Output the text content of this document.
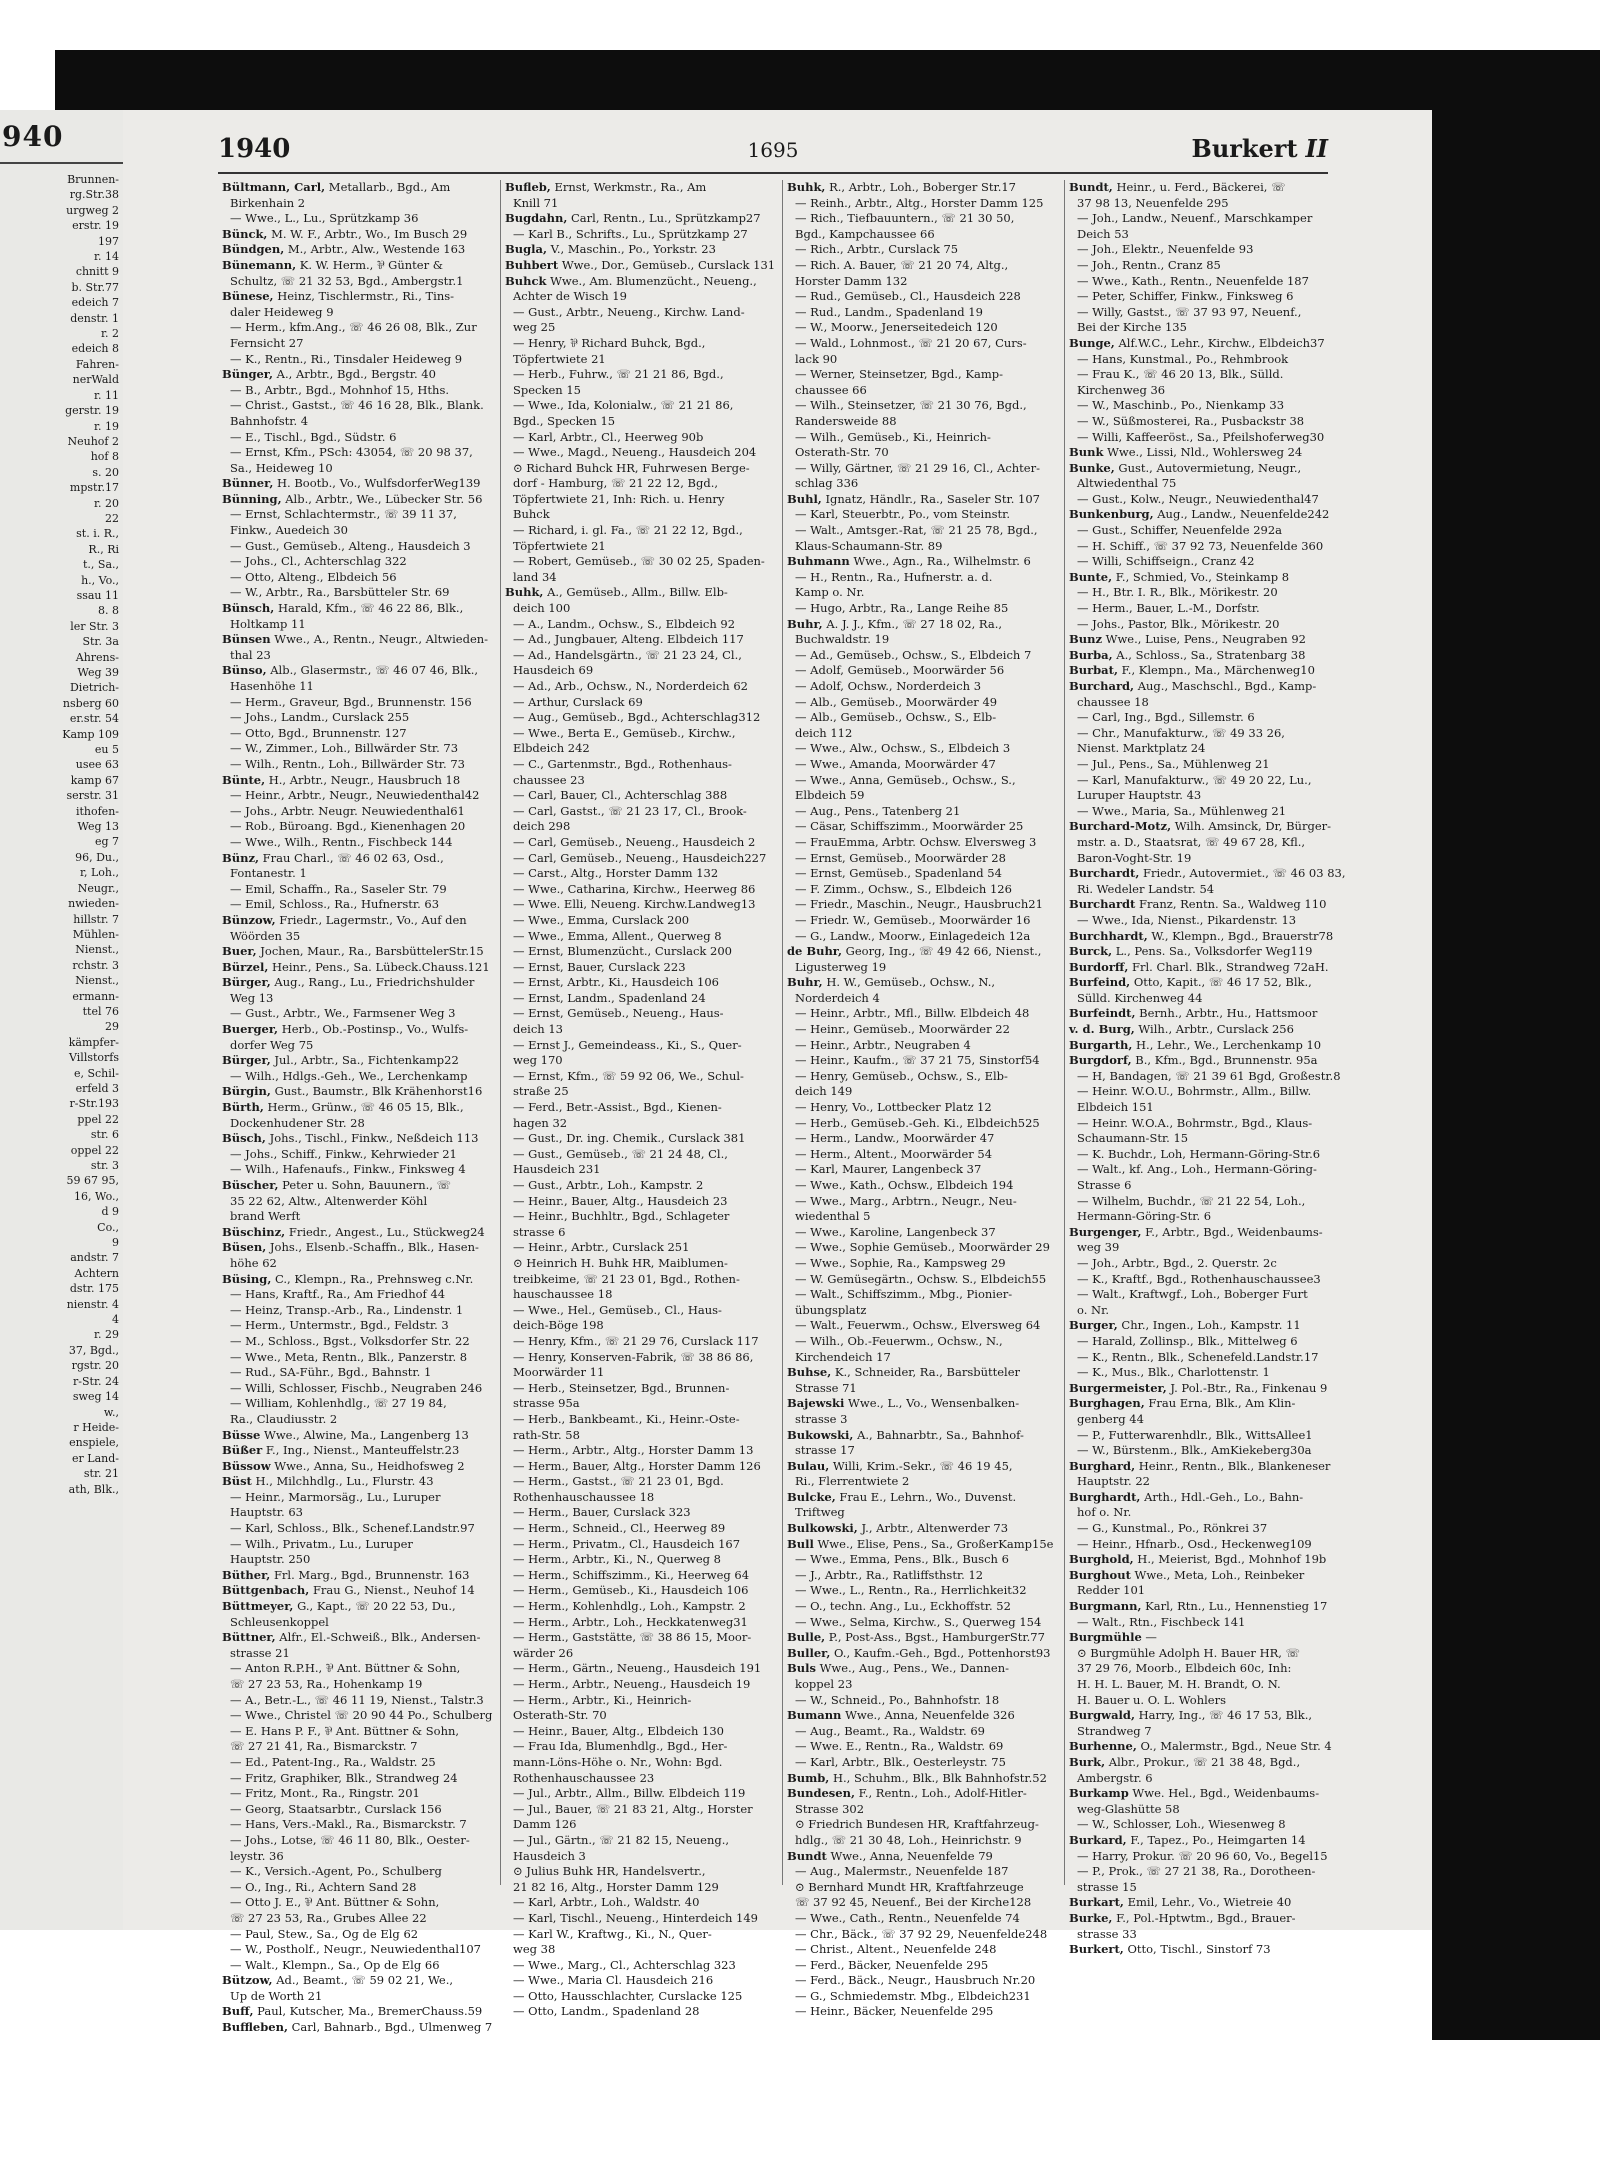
940
Brunnen-
rg.Str.38
urgweg 2
erstr. 19
197
r. 14
chnitt 9
b. Str.77
edeich 7
denstr. 1
r. 2
edeich 8
Fahren-
nerWald
r. 11
gerstr. 19
r. 19
Neuhof 2
hof 8
s. 20
mpstr.17
r. 20
22
st. i. R.,
R., Ri
t., Sa.,
h., Vo.,
ssau 11
8. 8
ler Str. 3
Str. 3a
Ahrens-
Weg 39
Dietrich-
nsberg 60
er.str. 54
Kamp 109
eu 5
usee 63
kamp 67
serstr. 31
ithofen-
Weg 13
eg 7
96, Du.,
r, Loh.,
Neugr.,
nwieden-
hillstr. 7
Mühlen-
Nienst.,
rchstr. 3
Nienst.,
ermann-
ttel 76
29
kämpfer-
Villstorfs
e, Schil-
erfeld 3
r-Str.193
ppel 22
str. 6
oppel 22
str. 3
59 67 95,
16, Wo.,
d 9
Co.,
9
andstr. 7
Achtern
dstr. 175
nienstr. 4
4
r. 29
37, Bgd.,
rgstr. 20
r-Str. 24
sweg 14
w.,
r Heide-
enspiele,
er Land-
str. 21
ath, Blk.,
1940	1695	Burkert II
Bültmann, Carl, Metallarb., Bgd., Am
Birkenhain 2
— Wwe., L., Lu., Sprützkamp 36
Bünck, M. W. F., Arbtr., Wo., Im Busch 29
Bündgen, M., Arbtr., Alw., Westende 163
Bünemann, K. W. Herm., ⅌ Günter &
Schultz, ☏ 21 32 53, Bgd., Ambergstr.1
Bünese, Heinz, Tischlermstr., Ri., Tins-
daler Heideweg 9
— Herm., kfm.Ang., ☏ 46 26 08, Blk., Zur
Fernsicht 27
— K., Rentn., Ri., Tinsdaler Heideweg 9
Bünger, A., Arbtr., Bgd., Bergstr. 40
— B., Arbtr., Bgd., Mohnhof 15, Hths.
— Christ., Gastst., ☏ 46 16 28, Blk., Blank.
Bahnhofstr. 4
— E., Tischl., Bgd., Südstr. 6
— Ernst, Kfm., PSch: 43054, ☏ 20 98 37,
Sa., Heideweg 10
Bünner, H. Bootb., Vo., WulfsdorferWeg139
Bünning, Alb., Arbtr., We., Lübecker Str. 56
— Ernst, Schlachtermstr., ☏ 39 11 37,
Finkw., Auedeich 30
— Gust., Gemüseb., Alteng., Hausdeich 3
— Johs., Cl., Achterschlag 322
— Otto, Alteng., Elbdeich 56
— W., Arbtr., Ra., Barsbütteler Str. 69
Bünsch, Harald, Kfm., ☏ 46 22 86, Blk.,
Holtkamp 11
Bünsen Wwe., A., Rentn., Neugr., Altwieden-
thal 23
Bünso, Alb., Glasermstr., ☏ 46 07 46, Blk.,
Hasenhöhe 11
— Herm., Graveur, Bgd., Brunnenstr. 156
— Johs., Landm., Curslack 255
— Otto, Bgd., Brunnenstr. 127
— W., Zimmer., Loh., Billwärder Str. 73
— Wilh., Rentn., Loh., Billwärder Str. 73
Bünte, H., Arbtr., Neugr., Hausbruch 18
— Heinr., Arbtr., Neugr., Neuwiedenthal42
— Johs., Arbtr. Neugr. Neuwiedenthal61
— Rob., Büroang. Bgd., Kienenhagen 20
— Wwe., Wilh., Rentn., Fischbeck 144
Bünz, Frau Charl., ☏ 46 02 63, Osd.,
Fontanestr. 1
— Emil, Schaffn., Ra., Saseler Str. 79
— Emil, Schloss., Ra., Hufnerstr. 63
Bünzow, Friedr., Lagermstr., Vo., Auf den
Wöörden 35
Buer, Jochen, Maur., Ra., BarsbüttelerStr.15
Bürzel, Heinr., Pens., Sa. Lübeck.Chauss.121
Bürger, Aug., Rang., Lu., Friedrichshulder
Weg 13
— Gust., Arbtr., We., Farmsener Weg 3
Buerger, Herb., Ob.-Postinsp., Vo., Wulfs-
dorfer Weg 75
Bürger, Jul., Arbtr., Sa., Fichtenkamp22
— Wilh., Hdlgs.-Geh., We., Lerchenkamp
Bürgin, Gust., Baumstr., Blk Krähenhorst16
Bürth, Herm., Grünw., ☏ 46 05 15, Blk.,
Dockenhudener Str. 28
Büsch, Johs., Tischl., Finkw., Neßdeich 113
— Johs., Schiff., Finkw., Kehrwieder 21
— Wilh., Hafenaufs., Finkw., Finksweg 4
Büscher, Peter u. Sohn, Bauunern., ☏
35 22 62, Altw., Altenwerder Köhl
brand Werft
Büschinz, Friedr., Angest., Lu., Stückweg24
Büsen, Johs., Elsenb.-Schaffn., Blk., Hasen-
höhe 62
Büsing, C., Klempn., Ra., Prehnsweg c.Nr.
— Hans, Kraftf., Ra., Am Friedhof 44
— Heinz, Transp.-Arb., Ra., Lindenstr. 1
— Herm., Untermstr., Bgd., Feldstr. 3
— M., Schloss., Bgst., Volksdorfer Str. 22
— Wwe., Meta, Rentn., Blk., Panzerstr. 8
— Rud., SA-Führ., Bgd., Bahnstr. 1
— Willi, Schlosser, Fischb., Neugraben 246
— William, Kohlenhdlg., ☏ 27 19 84,
Ra., Claudiusstr. 2
Büsse Wwe., Alwine, Ma., Langenberg 13
Büßer F., Ing., Nienst., Manteuffelstr.23
Büssow Wwe., Anna, Su., Heidhofsweg 2
Büst H., Milchhdlg., Lu., Flurstr. 43
— Heinr., Marmorsäg., Lu., Luruper
Hauptstr. 63
— Karl, Schloss., Blk., Schenef.Landstr.97
— Wilh., Privatm., Lu., Luruper
Hauptstr. 250
Büther, Frl. Marg., Bgd., Brunnenstr. 163
Büttgenbach, Frau G., Nienst., Neuhof 14
Büttmeyer, G., Kapt., ☏ 20 22 53, Du.,
Schleusenkoppel
Büttner, Alfr., El.-Schweiß., Blk., Andersen-
strasse 21
— Anton R.P.H., ⅌ Ant. Büttner & Sohn,
☏ 27 23 53, Ra., Hohenkamp 19
— A., Betr.-L., ☏ 46 11 19, Nienst., Talstr.3
— Wwe., Christel ☏ 20 90 44 Po., Schulberg
— E. Hans P. F., ⅌ Ant. Büttner & Sohn,
☏ 27 21 41, Ra., Bismarckstr. 7
— Ed., Patent-Ing., Ra., Waldstr. 25
— Fritz, Graphiker, Blk., Strandweg 24
— Fritz, Mont., Ra., Ringstr. 201
— Georg, Staatsarbtr., Curslack 156
— Hans, Vers.-Makl., Ra., Bismarckstr. 7
— Johs., Lotse, ☏ 46 11 80, Blk., Oester-
leystr. 36
— K., Versich.-Agent, Po., Schulberg
— O., Ing., Ri., Achtern Sand 28
— Otto J. E., ⅌ Ant. Büttner & Sohn,
☏ 27 23 53, Ra., Grubes Allee 22
— Paul, Stew., Sa., Og de Elg 62
— W., Postholf., Neugr., Neuwiedenthal107
— Walt., Klempn., Sa., Op de Elg 66
Bützow, Ad., Beamt., ☏ 59 02 21, We.,
Up de Worth 21
Buff, Paul, Kutscher, Ma., BremerChauss.59
Buffleben, Carl, Bahnarb., Bgd., Ulmenweg 7
Bufleb, Ernst, Werkmstr., Ra., Am
Knill 71
Bugdahn, Carl, Rentn., Lu., Sprützkamp27
— Karl B., Schrifts., Lu., Sprützkamp 27
Bugla, V., Maschin., Po., Yorkstr. 23
Buhbert Wwe., Dor., Gemüseb., Curslack 131
Buhck Wwe., Am. Blumenzücht., Neueng.,
Achter de Wisch 19
— Gust., Arbtr., Neueng., Kirchw. Land-
weg 25
— Henry, ⅌ Richard Buhck, Bgd.,
Töpfertwiete 21
— Herb., Fuhrw., ☏ 21 21 86, Bgd.,
Specken 15
— Wwe., Ida, Kolonialw., ☏ 21 21 86,
Bgd., Specken 15
— Karl, Arbtr., Cl., Heerweg 90b
— Wwe., Magd., Neueng., Hausdeich 204
⊙ Richard Buhck HR, Fuhrwesen Berge-
dorf - Hamburg, ☏ 21 22 12, Bgd.,
Töpfertwiete 21, Inh: Rich. u. Henry
Buhck
— Richard, i. gl. Fa., ☏ 21 22 12, Bgd.,
Töpfertwiete 21
— Robert, Gemüseb., ☏ 30 02 25, Spaden-
land 34
Buhk, A., Gemüseb., Allm., Billw. Elb-
deich 100
— A., Landm., Ochsw., S., Elbdeich 92
— Ad., Jungbauer, Alteng. Elbdeich 117
— Ad., Handelsgärtn., ☏ 21 23 24, Cl.,
Hausdeich 69
— Ad., Arb., Ochsw., N., Norderdeich 62
— Arthur, Curslack 69
— Aug., Gemüseb., Bgd., Achterschlag312
— Wwe., Berta E., Gemüseb., Kirchw.,
Elbdeich 242
— C., Gartenmstr., Bgd., Rothenhaus-
chaussee 23
— Carl, Bauer, Cl., Achterschlag 388
— Carl, Gastst., ☏ 21 23 17, Cl., Brook-
deich 298
— Carl, Gemüseb., Neueng., Hausdeich 2
— Carl, Gemüseb., Neueng., Hausdeich227
— Carst., Altg., Horster Damm 132
— Wwe., Catharina, Kirchw., Heerweg 86
— Wwe. Elli, Neueng. Kirchw.Landweg13
— Wwe., Emma, Curslack 200
— Wwe., Emma, Allent., Querweg 8
— Ernst, Blumenzücht., Curslack 200
— Ernst, Bauer, Curslack 223
— Ernst, Arbtr., Ki., Hausdeich 106
— Ernst, Landm., Spadenland 24
— Ernst, Gemüseb., Neueng., Haus-
deich 13
— Ernst J., Gemeindeass., Ki., S., Quer-
weg 170
— Ernst, Kfm., ☏ 59 92 06, We., Schul-
straße 25
— Ferd., Betr.-Assist., Bgd., Kienen-
hagen 32
— Gust., Dr. ing. Chemik., Curslack 381
— Gust., Gemüseb., ☏ 21 24 48, Cl.,
Hausdeich 231
— Gust., Arbtr., Loh., Kampstr. 2
— Heinr., Bauer, Altg., Hausdeich 23
— Heinr., Buchhltr., Bgd., Schlageter
strasse 6
— Heinr., Arbtr., Curslack 251
⊙ Heinrich H. Buhk HR, Maiblumen-
treibkeime, ☏ 21 23 01, Bgd., Rothen-
hauschaussee 18
— Wwe., Hel., Gemüseb., Cl., Haus-
deich-Böge 198
— Henry, Kfm., ☏ 21 29 76, Curslack 117
— Henry, Konserven-Fabrik, ☏ 38 86 86,
Moorwärder 11
— Herb., Steinsetzer, Bgd., Brunnen-
strasse 95a
— Herb., Bankbeamt., Ki., Heinr.-Oste-
rath-Str. 58
— Herm., Arbtr., Altg., Horster Damm 13
— Herm., Bauer, Altg., Horster Damm 126
— Herm., Gastst., ☏ 21 23 01, Bgd.
Rothenhauschaussee 18
— Herm., Bauer, Curslack 323
— Herm., Schneid., Cl., Heerweg 89
— Herm., Privatm., Cl., Hausdeich 167
— Herm., Arbtr., Ki., N., Querweg 8
— Herm., Schiffszimm., Ki., Heerweg 64
— Herm., Gemüseb., Ki., Hausdeich 106
— Herm., Kohlenhdlg., Loh., Kampstr. 2
— Herm., Arbtr., Loh., Heckkatenweg31
— Herm., Gaststätte, ☏ 38 86 15, Moor-
wärder 26
— Herm., Gärtn., Neueng., Hausdeich 191
— Herm., Arbtr., Neueng., Hausdeich 19
— Herm., Arbtr., Ki., Heinrich-
Osterath-Str. 70
— Heinr., Bauer, Altg., Elbdeich 130
— Frau Ida, Blumenhdlg., Bgd., Her-
mann-Löns-Höhe o. Nr., Wohn: Bgd.
Rothenhauschaussee 23
— Jul., Arbtr., Allm., Billw. Elbdeich 119
— Jul., Bauer, ☏ 21 83 21, Altg., Horster
Damm 126
— Jul., Gärtn., ☏ 21 82 15, Neueng.,
Hausdeich 3
⊙ Julius Buhk HR, Handelsvertr.,
21 82 16, Altg., Horster Damm 129
— Karl, Arbtr., Loh., Waldstr. 40
— Karl, Tischl., Neueng., Hinterdeich 149
— Karl W., Kraftwg., Ki., N., Quer-
weg 38
— Wwe., Marg., Cl., Achterschlag 323
— Wwe., Maria Cl. Hausdeich 216
— Otto, Hausschlachter, Curslacke 125
— Otto, Landm., Spadenland 28
Buhk, R., Arbtr., Loh., Boberger Str.17
— Reinh., Arbtr., Altg., Horster Damm 125
— Rich., Tiefbauuntern., ☏ 21 30 50,
Bgd., Kampchaussee 66
— Rich., Arbtr., Curslack 75
— Rich. A. Bauer, ☏ 21 20 74, Altg.,
Horster Damm 132
— Rud., Gemüseb., Cl., Hausdeich 228
— Rud., Landm., Spadenland 19
— W., Moorw., Jenerseitedeich 120
— Wald., Lohnmost., ☏ 21 20 67, Curs-
lack 90
— Werner, Steinsetzer, Bgd., Kamp-
chaussee 66
— Wilh., Steinsetzer, ☏ 21 30 76, Bgd.,
Randersweide 88
— Wilh., Gemüseb., Ki., Heinrich-
Osterath-Str. 70
— Willy, Gärtner, ☏ 21 29 16, Cl., Achter-
schlag 336
Buhl, Ignatz, Händlr., Ra., Saseler Str. 107
— Karl, Steuerbtr., Po., vom Steinstr.
— Walt., Amtsger.-Rat, ☏ 21 25 78, Bgd.,
Klaus-Schaumann-Str. 89
Buhmann Wwe., Agn., Ra., Wilhelmstr. 6
— H., Rentn., Ra., Hufnerstr. a. d.
Kamp o. Nr.
— Hugo, Arbtr., Ra., Lange Reihe 85
Buhr, A. J. J., Kfm., ☏ 27 18 02, Ra.,
Buchwaldstr. 19
— Ad., Gemüseb., Ochsw., S., Elbdeich 7
— Adolf, Gemüseb., Moorwärder 56
— Adolf, Ochsw., Norderdeich 3
— Alb., Gemüseb., Moorwärder 49
— Alb., Gemüseb., Ochsw., S., Elb-
deich 112
— Wwe., Alw., Ochsw., S., Elbdeich 3
— Wwe., Amanda, Moorwärder 47
— Wwe., Anna, Gemüseb., Ochsw., S.,
Elbdeich 59
— Aug., Pens., Tatenberg 21
— Cäsar, Schiffszimm., Moorwärder 25
— FrauEmma, Arbtr. Ochsw. Elversweg 3
— Ernst, Gemüseb., Moorwärder 28
— Ernst, Gemüseb., Spadenland 54
— F. Zimm., Ochsw., S., Elbdeich 126
— Friedr., Maschin., Neugr., Hausbruch21
— Friedr. W., Gemüseb., Moorwärder 16
— G., Landw., Moorw., Einlagedeich 12a
de Buhr, Georg, Ing., ☏ 49 42 66, Nienst.,
Ligusterweg 19
Buhr, H. W., Gemüseb., Ochsw., N.,
Norderdeich 4
— Heinr., Arbtr., Mfl., Billw. Elbdeich 48
— Heinr., Gemüseb., Moorwärder 22
— Heinr., Arbtr., Neugraben 4
— Heinr., Kaufm., ☏ 37 21 75, Sinstorf54
— Henry, Gemüseb., Ochsw., S., Elb-
deich 149
— Henry, Vo., Lottbecker Platz 12
— Herb., Gemüseb.-Geh. Ki., Elbdeich525
— Herm., Landw., Moorwärder 47
— Herm., Altent., Moorwärder 54
— Karl, Maurer, Langenbeck 37
— Wwe., Kath., Ochsw., Elbdeich 194
— Wwe., Marg., Arbtrn., Neugr., Neu-
wiedenthal 5
— Wwe., Karoline, Langenbeck 37
— Wwe., Sophie Gemüseb., Moorwärder 29
— Wwe., Sophie, Ra., Kampsweg 29
— W. Gemüsegärtn., Ochsw. S., Elbdeich55
— Walt., Schiffszimm., Mbg., Pionier-
übungsplatz
— Walt., Feuerwm., Ochsw., Elversweg 64
— Wilh., Ob.-Feuerwm., Ochsw., N.,
Kirchendeich 17
Buhse, K., Schneider, Ra., Barsbütteler
Strasse 71
Bajewski Wwe., L., Vo., Wensenbalken-
strasse 3
Bukowski, A., Bahnarbtr., Sa., Bahnhof-
strasse 17
Bulau, Willi, Krim.-Sekr., ☏ 46 19 45,
Ri., Flerrentwiete 2
Bulcke, Frau E., Lehrn., Wo., Duvenst.
Triftweg
Bulkowski, J., Arbtr., Altenwerder 73
Bull Wwe., Elise, Pens., Sa., GroßerKamp15e
— Wwe., Emma, Pens., Blk., Busch 6
— J., Arbtr., Ra., Ratliffsthstr. 12
— Wwe., L., Rentn., Ra., Herrlichkeit32
— O., techn. Ang., Lu., Eckhoffstr. 52
— Wwe., Selma, Kirchw., S., Querweg 154
Bulle, P., Post-Ass., Bgst., HamburgerStr.77
Buller, O., Kaufm.-Geh., Bgd., Pottenhorst93
Buls Wwe., Aug., Pens., We., Dannen-
koppel 23
— W., Schneid., Po., Bahnhofstr. 18
Bumann Wwe., Anna, Neuenfelde 326
— Aug., Beamt., Ra., Waldstr. 69
— Wwe. E., Rentn., Ra., Waldstr. 69
— Karl, Arbtr., Blk., Oesterleystr. 75
Bumb, H., Schuhm., Blk., Blk Bahnhofstr.52
Bundesen, F., Rentn., Loh., Adolf-Hitler-
Strasse 302
⊙ Friedrich Bundesen HR, Kraftfahrzeug-
hdlg., ☏ 21 30 48, Loh., Heinrichstr. 9
Bundt Wwe., Anna, Neuenfelde 79
— Aug., Malermstr., Neuenfelde 187
⊙ Bernhard Mundt HR, Kraftfahrzeuge
☏ 37 92 45, Neuenf., Bei der Kirche128
— Wwe., Cath., Rentn., Neuenfelde 74
— Chr., Bäck., ☏ 37 92 29, Neuenfelde248
— Christ., Altent., Neuenfelde 248
— Ferd., Bäcker, Neuenfelde 295
— Ferd., Bäck., Neugr., Hausbruch Nr.20
— G., Schmiedemstr. Mbg., Elbdeich231
— Heinr., Bäcker, Neuenfelde 295
Bundt, Heinr., u. Ferd., Bäckerei, ☏
37 98 13, Neuenfelde 295
— Joh., Landw., Neuenf., Marschkamper
Deich 53
— Joh., Elektr., Neuenfelde 93
— Joh., Rentn., Cranz 85
— Wwe., Kath., Rentn., Neuenfelde 187
— Peter, Schiffer, Finkw., Finksweg 6
— Willy, Gastst., ☏ 37 93 97, Neuenf.,
Bei der Kirche 135
Bunge, Alf.W.C., Lehr., Kirchw., Elbdeich37
— Hans, Kunstmal., Po., Rehmbrook
— Frau K., ☏ 46 20 13, Blk., Sülld.
Kirchenweg 36
— W., Maschinb., Po., Nienkamp 33
— W., Süßmosterei, Ra., Pusbackstr 38
— Willi, Kaffeeröst., Sa., Pfeilshoferweg30
Bunk Wwe., Lissi, Nld., Wohlersweg 24
Bunke, Gust., Autovermietung, Neugr.,
Altwiedenthal 75
— Gust., Kolw., Neugr., Neuwiedenthal47
Bunkenburg, Aug., Landw., Neuenfelde242
— Gust., Schiffer, Neuenfelde 292a
— H. Schiff., ☏ 37 92 73, Neuenfelde 360
— Willi, Schiffseign., Cranz 42
Bunte, F., Schmied, Vo., Steinkamp 8
— H., Btr. I. R., Blk., Mörikestr. 20
— Herm., Bauer, L.-M., Dorfstr.
— Johs., Pastor, Blk., Mörikestr. 20
Bunz Wwe., Luise, Pens., Neugraben 92
Burba, A., Schloss., Sa., Stratenbarg 38
Burbat, F., Klempn., Ma., Märchenweg10
Burchard, Aug., Maschschl., Bgd., Kamp-
chaussee 18
— Carl, Ing., Bgd., Sillemstr. 6
— Chr., Manufakturw., ☏ 49 33 26,
Nienst. Marktplatz 24
— Jul., Pens., Sa., Mühlenweg 21
— Karl, Manufakturw., ☏ 49 20 22, Lu.,
Luruper Hauptstr. 43
— Wwe., Maria, Sa., Mühlenweg 21
Burchard-Motz, Wilh. Amsinck, Dr, Bürger-
mstr. a. D., Staatsrat, ☏ 49 67 28, Kfl.,
Baron-Voght-Str. 19
Burchardt, Friedr., Autovermiet., ☏ 46 03 83,
Ri. Wedeler Landstr. 54
Burchardt Franz, Rentn. Sa., Waldweg 110
— Wwe., Ida, Nienst., Pikardenstr. 13
Burchhardt, W., Klempn., Bgd., Brauerstr78
Burck, L., Pens. Sa., Volksdorfer Weg119
Burdorff, Frl. Charl. Blk., Strandweg 72aH.
Burfeind, Otto, Kapit., ☏ 46 17 52, Blk.,
Sülld. Kirchenweg 44
Burfeindt, Bernh., Arbtr., Hu., Hattsmoor
v. d. Burg, Wilh., Arbtr., Curslack 256
Burgarth, H., Lehr., We., Lerchenkamp 10
Burgdorf, B., Kfm., Bgd., Brunnenstr. 95a
— H, Bandagen, ☏ 21 39 61 Bgd, Großestr.8
— Heinr. W.O.U., Bohrmstr., Allm., Billw.
Elbdeich 151
— Heinr. W.O.A., Bohrmstr., Bgd., Klaus-
Schaumann-Str. 15
— K. Buchdr., Loh, Hermann-Göring-Str.6
— Walt., kf. Ang., Loh., Hermann-Göring-
Strasse 6
— Wilhelm, Buchdr., ☏ 21 22 54, Loh.,
Hermann-Göring-Str. 6
Burgenger, F., Arbtr., Bgd., Weidenbaums-
weg 39
— Joh., Arbtr., Bgd., 2. Querstr. 2c
— K., Kraftf., Bgd., Rothenhauschaussee3
— Walt., Kraftwgf., Loh., Boberger Furt
o. Nr.
Burger, Chr., Ingen., Loh., Kampstr. 11
— Harald, Zollinsp., Blk., Mittelweg 6
— K., Rentn., Blk., Schenefeld.Landstr.17
— K., Mus., Blk., Charlottenstr. 1
Burgermeister, J. Pol.-Btr., Ra., Finkenau 9
Burghagen, Frau Erna, Blk., Am Klin-
genberg 44
— P., Futterwarenhdlr., Blk., WittsAllee1
— W., Bürstenm., Blk., AmKiekeberg30a
Burghard, Heinr., Rentn., Blk., Blankeneser
Hauptstr. 22
Burghardt, Arth., Hdl.-Geh., Lo., Bahn-
hof o. Nr.
— G., Kunstmal., Po., Rönkrei 37
— Heinr., Hfnarb., Osd., Heckenweg109
Burghold, H., Meierist, Bgd., Mohnhof 19b
Burghout Wwe., Meta, Loh., Reinbeker
Redder 101
Burgmann, Karl, Rtn., Lu., Hennenstieg 17
— Walt., Rtn., Fischbeck 141
Burgmühle —
⊙ Burgmühle Adolph H. Bauer HR, ☏
37 29 76, Moorb., Elbdeich 60c, Inh:
H. H. L. Bauer, M. H. Brandt, O. N.
H. Bauer u. O. L. Wohlers
Burgwald, Harry, Ing., ☏ 46 17 53, Blk.,
Strandweg 7
Burhenne, O., Malermstr., Bgd., Neue Str. 4
Burk, Albr., Prokur., ☏ 21 38 48, Bgd.,
Ambergstr. 6
Burkamp Wwe. Hel., Bgd., Weidenbaums-
weg-Glashütte 58
— W., Schlosser, Loh., Wiesenweg 8
Burkard, F., Tapez., Po., Heimgarten 14
— Harry, Prokur. ☏ 20 96 60, Vo., Begel15
— P., Prok., ☏ 27 21 38, Ra., Dorotheen-
strasse 15
Burkart, Emil, Lehr., Vo., Wietreie 40
Burke, F., Pol.-Hptwtm., Bgd., Brauer-
strasse 33
Burkert, Otto, Tischl., Sinstorf 73
